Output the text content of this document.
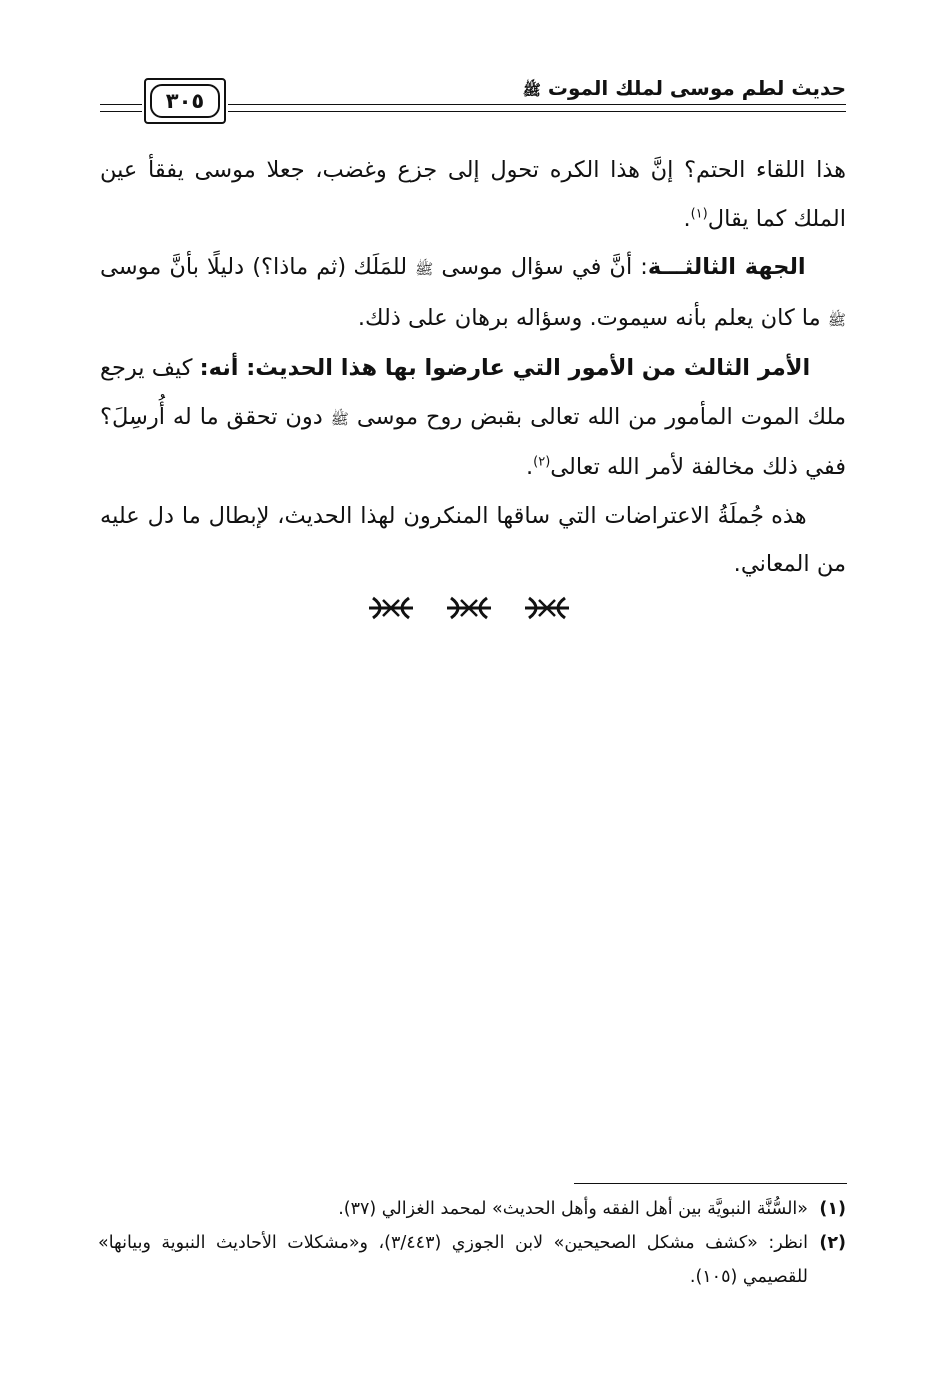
حديث لطم موسى لملك الموت ﷺ
٣٠٥

هذا اللقاء الحتم؟ إنَّ هذا الكره تحول إلى جزع وغضب، جعلا موسى يفقأ عين الملك كما يقال$^{(١)}$.

الجهة الثالثـــة: أنَّ في سؤال موسى ﷺ للمَلَك (ثم ماذا؟) دليلًا بأنَّ موسى ﷺ ما كان يعلم بأنه سيموت. وسؤاله برهان على ذلك.

الأمر الثالث من الأمور التي عارضوا بها هذا الحديث: أنه: كيف يرجع ملك الموت المأمور من الله تعالى بقبض روح موسى ﷺ دون تحقق ما له أُرسِلَ؟ ففي ذلك مخالفة لأمر الله تعالى$^{(٢)}$.

هذه جُملَةُ الاعتراضات التي ساقها المنكرون لهذا الحديث، لإبطال ما دل عليه من المعاني.

(١)
«السُّنَّة النبويَّة بين أهل الفقه وأهل الحديث» لمحمد الغزالي (٣٧).
(٢)
انظر: «كشف مشكل الصحيحين» لابن الجوزي (٣/٤٤٣)، و«مشكلات الأحاديث النبوية وبيانها» للقصيمي (١٠٥).
